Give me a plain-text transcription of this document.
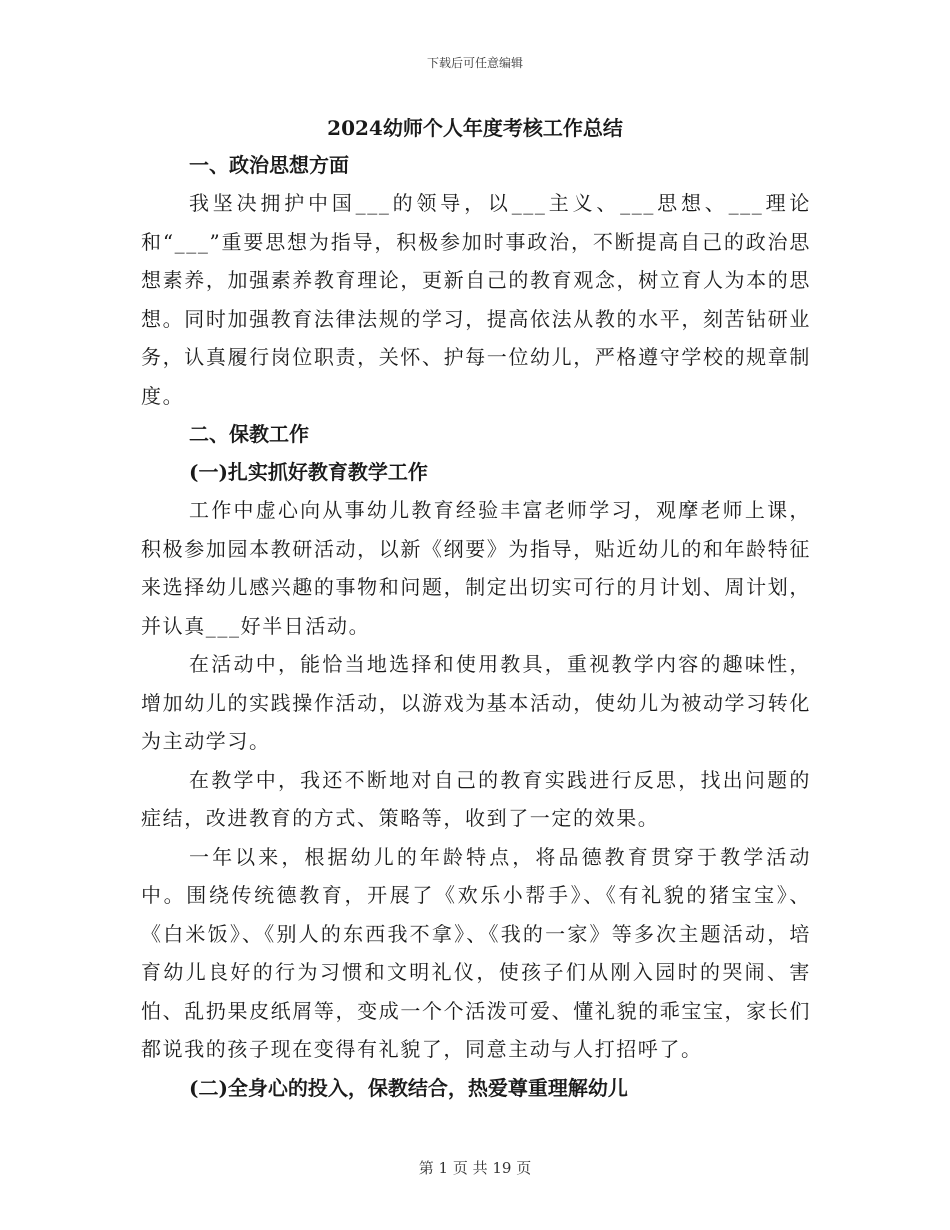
下载后可任意编辑
2024幼师个人年度考核工作总结

一、政治思想方面

我坚决拥护中国___的领导，以___主义、___思想、___理论和“___”重要思想为指导，积极参加时事政治，不断提高自己的政治思想素养，加强素养教育理论，更新自己的教育观念，树立育人为本的思想。同时加强教育法律法规的学习，提高依法从教的水平，刻苦钻研业务，认真履行岗位职责，关怀、护每一位幼儿，严格遵守学校的规章制度。

二、保教工作

(一)扎实抓好教育教学工作

工作中虚心向从事幼儿教育经验丰富老师学习，观摩老师上课，积极参加园本教研活动，以新《纲要》为指导，贴近幼儿的和年龄特征来选择幼儿感兴趣的事物和问题，制定出切实可行的月计划、周计划，并认真___好半日活动。

在活动中，能恰当地选择和使用教具，重视教学内容的趣味性，增加幼儿的实践操作活动，以游戏为基本活动，使幼儿为被动学习转化为主动学习。

在教学中，我还不断地对自己的教育实践进行反思，找出问题的症结，改进教育的方式、策略等，收到了一定的效果。

一年以来，根据幼儿的年龄特点，将品德教育贯穿于教学活动中。围绕传统德教育，开展了《欢乐小帮手》、《有礼貌的猪宝宝》、《白米饭》、《别人的东西我不拿》、《我的一家》等多次主题活动，培育幼儿良好的行为习惯和文明礼仪，使孩子们从刚入园时的哭闹、害怕、乱扔果皮纸屑等，变成一个个活泼可爱、懂礼貌的乖宝宝，家长们都说我的孩子现在变得有礼貌了，同意主动与人打招呼了。

(二)全身心的投入，保教结合，热爱尊重理解幼儿

第 1 页 共 19 页
